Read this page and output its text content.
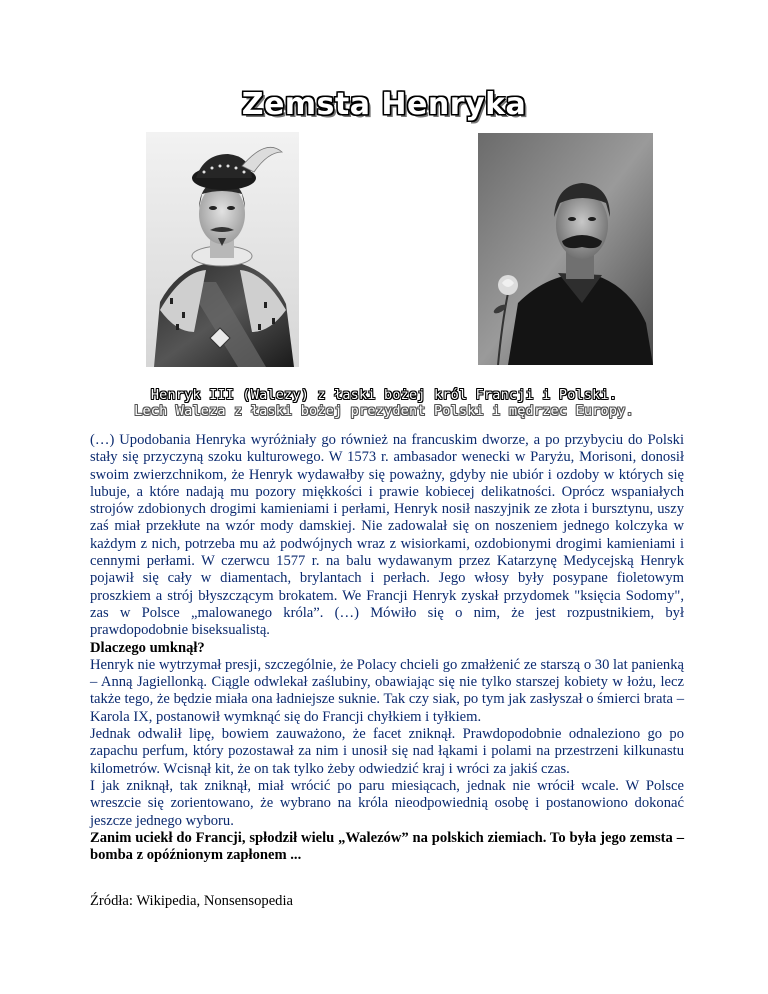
Zemsta Henryka
Henryk III (Walezy) z łaski bożej król Francji i Polski.
Lech Waleza z łaski bożej prezydent Polski i mędrzec Europy.

(…) Upodobania Henryka wyróżniały go również na francuskim dworze, a po przybyciu do Polski stały się przyczyną szoku kulturowego. W 1573 r. ambasador wenecki w Paryżu, Morisoni, donosił swoim zwierzchnikom, że Henryk wydawałby się poważny, gdyby nie ubiór i ozdoby w których się lubuje, a które nadają mu pozory miękkości i prawie kobiecej delikatności. Oprócz wspaniałych strojów zdobionych drogimi kamieniami i perłami, Henryk nosił naszyjnik ze złota i bursztynu, uszy zaś miał przekłute na wzór mody damskiej. Nie zadowalał się on noszeniem jednego kolczyka w każdym z nich, potrzeba mu aż podwójnych wraz z wisiorkami, ozdobionymi drogimi kamieniami i cennymi perłami. W czerwcu 1577 r. na balu wydawanym przez Katarzynę Medycejską Henryk pojawił się cały w diamentach, brylantach i perłach. Jego włosy były posypane fioletowym proszkiem a strój błyszczącym brokatem. We Francji Henryk zyskał przydomek "księcia Sodomy", zas w Polsce „malowanego króla”. (…) Mówiło się o nim, że jest rozpustnikiem, był prawdopodobnie biseksualistą.

Dlaczego umknął?

Henryk nie wytrzymał presji, szczególnie, że Polacy chcieli go zmałżenić ze starszą o 30 lat panienką – Anną Jagiellonką. Ciągle odwlekał zaślubiny, obawiając się nie tylko starszej kobiety w łożu, lecz także tego, że będzie miała ona ładniejsze suknie. Tak czy siak, po tym jak zasłyszał o śmierci brata – Karola IX, postanowił wymknąć się do Francji chyłkiem i tyłkiem.

Jednak odwalił lipę, bowiem zauważono, że facet zniknął. Prawdopodobnie odnaleziono go po zapachu perfum, który pozostawał za nim i unosił się nad łąkami i polami na przestrzeni kilkunastu kilometrów. Wcisnął kit, że on tak tylko żeby odwiedzić kraj i wróci za jakiś czas.

I jak zniknął, tak zniknął, miał wrócić po paru miesiącach, jednak nie wrócił wcale. W Polsce wreszcie się zorientowano, że wybrano na króla nieodpowiednią osobę i postanowiono dokonać jeszcze jednego wyboru.

Zanim uciekł do Francji, spłodził wielu „Walezów” na polskich ziemiach. To była jego zemsta – bomba z opóźnionym zapłonem ...

Źródła: Wikipedia, Nonsensopedia
